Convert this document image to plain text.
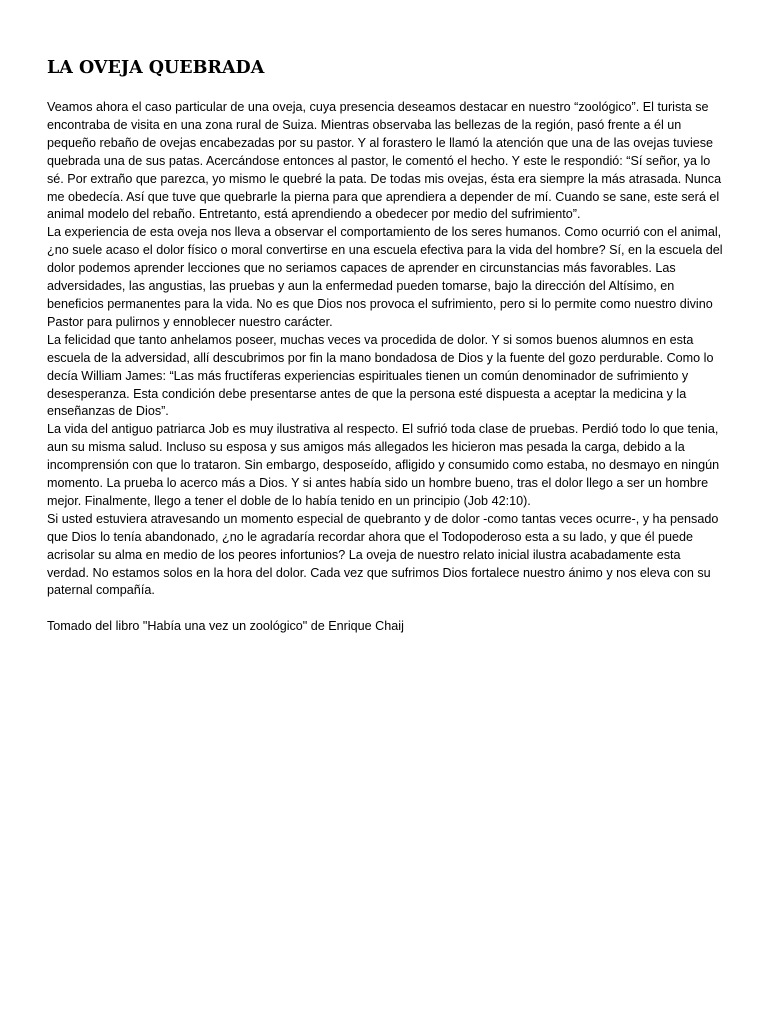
LA OVEJA QUEBRADA

Veamos ahora el caso particular de una oveja, cuya presencia deseamos destacar en nuestro “zoológico”. El turista se encontraba de visita en una zona rural de Suiza. Mientras observaba las bellezas de la región, pasó frente a él un pequeño rebaño de ovejas encabezadas por su pastor. Y al forastero le llamó la atención que una de las ovejas tuviese quebrada una de sus patas. Acercándose entonces al pastor, le comentó el hecho. Y este le respondió: “Sí señor, ya lo sé. Por extraño que parezca, yo mismo le quebré la pata. De todas mis ovejas, ésta era siempre la más atrasada. Nunca me obedecía. Así que tuve que quebrarle la pierna para que aprendiera a depender de mí. Cuando se sane, este será el animal modelo del rebaño. Entretanto, está aprendiendo a obedecer por medio del sufrimiento”.

La experiencia de esta oveja nos lleva a observar el comportamiento de los seres humanos. Como ocurrió con el animal, ¿no suele acaso el dolor físico o moral convertirse en una escuela efectiva para la vida del hombre? Sí, en la escuela del dolor podemos aprender lecciones que no seriamos capaces de aprender en circunstancias más favorables. Las adversidades, las angustias, las pruebas y aun la enfermedad pueden tomarse, bajo la dirección del Altísimo, en beneficios permanentes para la vida. No es que Dios nos provoca el sufrimiento, pero si lo permite como nuestro divino Pastor para pulirnos y ennoblecer nuestro carácter.

La felicidad que tanto anhelamos poseer, muchas veces va procedida de dolor. Y si somos buenos alumnos en esta escuela de la adversidad, allí descubrimos por fin la mano bondadosa de Dios y la fuente del gozo perdurable. Como lo decía William James: “Las más fructíferas experiencias espirituales tienen un común denominador de sufrimiento y desesperanza. Esta condición debe presentarse antes de que la persona esté dispuesta a aceptar la medicina y la enseñanzas de Dios”.

La vida del antiguo patriarca Job es muy ilustrativa al respecto. El sufrió toda clase de pruebas. Perdió todo lo que tenia, aun su misma salud. Incluso su esposa y sus amigos más allegados les hicieron mas pesada la carga, debido a la incomprensión con que lo trataron. Sin embargo, desposeído, afligido y consumido como estaba, no desmayo en ningún momento. La prueba lo acerco más a Dios. Y si antes había sido un hombre bueno, tras el dolor llego a ser un hombre mejor. Finalmente, llego a tener el doble de lo había tenido en un principio (Job 42:10).

Si usted estuviera atravesando un momento especial de quebranto y de dolor -como tantas veces ocurre-, y ha pensado que Dios lo tenía abandonado, ¿no le agradaría recordar ahora que el Todopoderoso esta a su lado, y que él puede acrisolar su alma en medio de los peores infortunios? La oveja de nuestro relato inicial ilustra acabadamente esta verdad. No estamos solos en la hora del dolor. Cada vez que sufrimos Dios fortalece nuestro ánimo y nos eleva con su paternal compañía.

Tomado del libro "Había una vez un zoológico" de Enrique Chaij
